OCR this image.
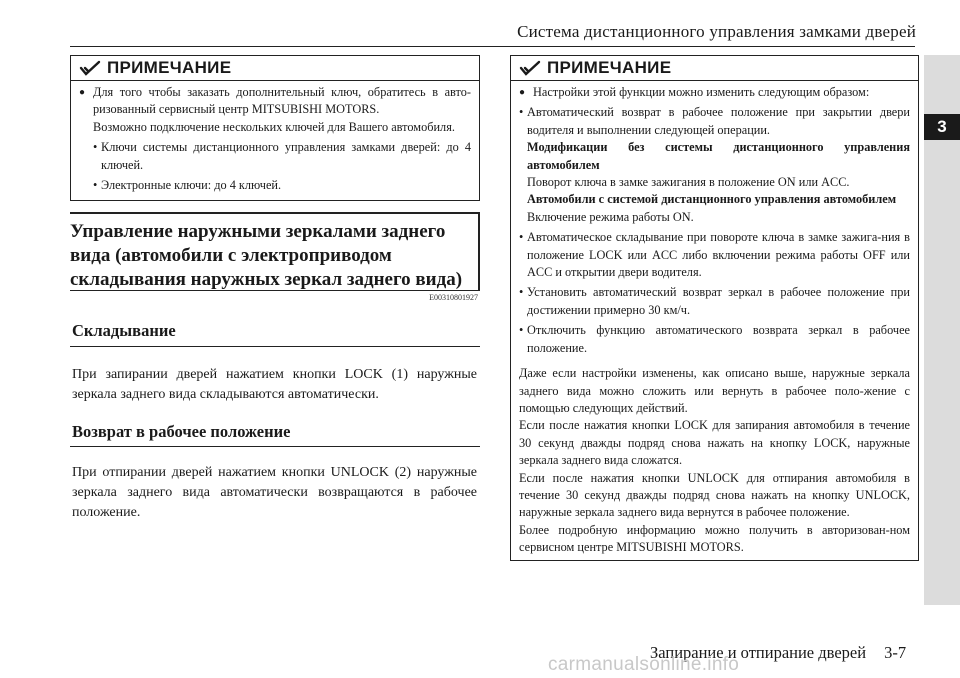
Система дистанционного управления замками дверей
3
ПРИМЕЧАНИЕ
● Для того чтобы заказать дополнительный ключ, обратитесь в авто-ризованный сервисный центр MITSUBISHI MOTORS.

Возможно подключение нескольких ключей для Вашего автомобиля.

• Ключи системы дистанционного управления замками дверей: до 4 ключей.
• Электронные ключи: до 4 ключей.
Управление наружными зеркалами заднего
вида (автомобили с электроприводом
складывания наружных зеркал заднего вида)
E00310801927
Складывание
При запирании дверей нажатием кнопки LOCK (1) наружные зеркала заднего вида складываются автоматически.
Возврат в рабочее положение
При отпирании дверей нажатием кнопки UNLOCK (2) наружные зеркала заднего вида автоматически возвращаются в рабочее положение.
ПРИМЕЧАНИЕ
● Настройки этой функции можно изменить следующим образом:
• Автоматический возврат в рабочее положение при закрытии двери водителя и выполнении следующей операции.

Модификации без системы дистанционного управления автомобилем

Поворот ключа в замке зажигания в положение ON или ACC.

Автомобили с системой дистанционного управления автомобилем

Включение режима работы ON.

• Автоматическое складывание при повороте ключа в замке зажига-ния в положение LOCK или ACC либо включении режима работы OFF или ACC и открытии двери водителя.
• Установить автоматический возврат зеркал в рабочее положение при достижении примерно 30 км/ч.
• Отключить функцию автоматического возврата зеркал в рабочее положение.

Даже если настройки изменены, как описано выше, наружные зеркала заднего вида можно сложить или вернуть в рабочее поло-жение с помощью следующих действий.

Если после нажатия кнопки LOCK для запирания автомобиля в течение 30 секунд дважды подряд снова нажать на кнопку LOCK, наружные зеркала заднего вида сложатся.

Если после нажатия кнопки UNLOCK для отпирания автомобиля в течение 30 секунд дважды подряд снова нажать на кнопку UNLOCK, наружные зеркала заднего вида вернутся в рабочее положение.

Более подробную информацию можно получить в авторизован-ном сервисном центре MITSUBISHI MOTORS.

Запирание и отпирание дверей 3-7
carmanualsonline.info
